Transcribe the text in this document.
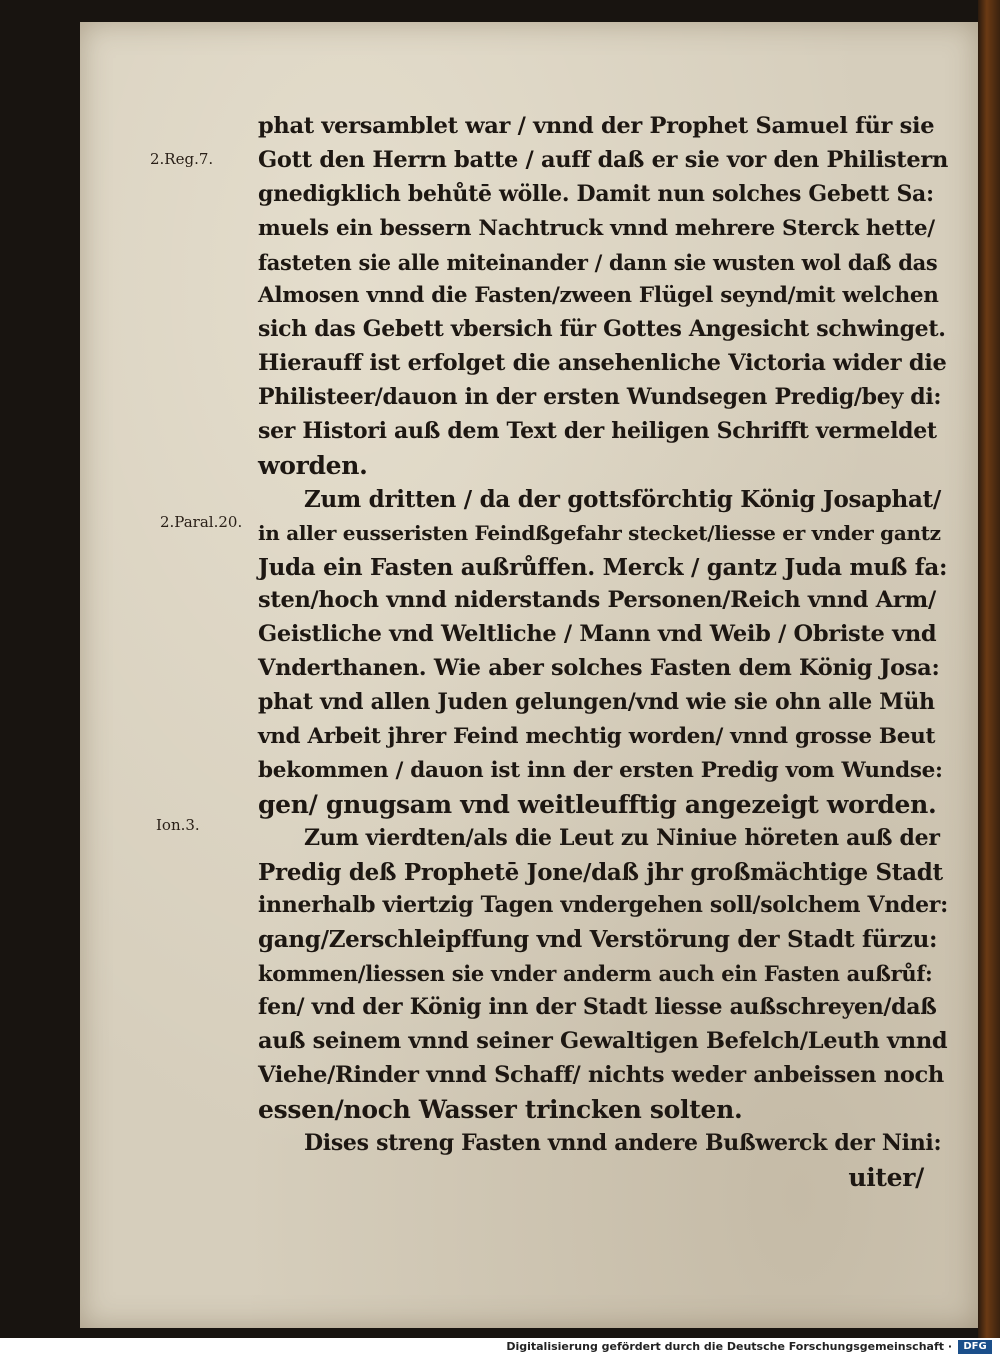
phat versamblet war / vnnd der Prophet Samuel für sie
Gott den Herrn batte / auff daß er sie vor den Philistern
gnedigklich behůtē wölle. Damit nun solches Gebett Sa:
muels ein bessern Nachtruck vnnd mehrere Sterck hette/
fasteten sie alle miteinander / dann sie wusten wol daß das
Almosen vnnd die Fasten/zween Flügel seynd/mit welchen
sich das Gebett vbersich für Gottes Angesicht schwinget.
Hierauff ist erfolget die ansehenliche Victoria wider die
Philisteer/dauon in der ersten Wundsegen Predig/bey di:
ser Histori auß dem Text der heiligen Schrifft vermeldet
worden.
Zum dritten / da der gottsförchtig König Josaphat/
in aller eusseristen Feindßgefahr stecket/liesse er vnder gantz
Juda ein Fasten außrůffen. Merck / gantz Juda muß fa:
sten/hoch vnnd niderstands Personen/Reich vnnd Arm/
Geistliche vnd Weltliche / Mann vnd Weib / Obriste vnd
Vnderthanen. Wie aber solches Fasten dem König Josa:
phat vnd allen Juden gelungen/vnd wie sie ohn alle Müh
vnd Arbeit jhrer Feind mechtig worden/ vnnd grosse Beut
bekommen / dauon ist inn der ersten Predig vom Wundse:
gen/ gnugsam vnd weitleufftig angezeigt worden.
Zum vierdten/als die Leut zu Niniue höreten auß der
Predig deß Prophetē Jone/daß jhr großmächtige Stadt
innerhalb viertzig Tagen vndergehen soll/solchem Vnder:
gang/Zerschleipffung vnd Verstörung der Stadt fürzu:
kommen/liessen sie vnder anderm auch ein Fasten außrůf:
fen/ vnd der König inn der Stadt liesse außschreyen/daß
auß seinem vnnd seiner Gewaltigen Befelch/Leuth vnnd
Viehe/Rinder vnnd Schaff/ nichts weder anbeissen noch
essen/noch Wasser trincken solten.
Dises streng Fasten vnnd andere Bußwerck der Nini:
uiter/
2.Reg.7.
2.Paral.20.
Ion.3.
Digitalisierung gefördert durch die Deutsche Forschungsgemeinschaft ·	DFG
